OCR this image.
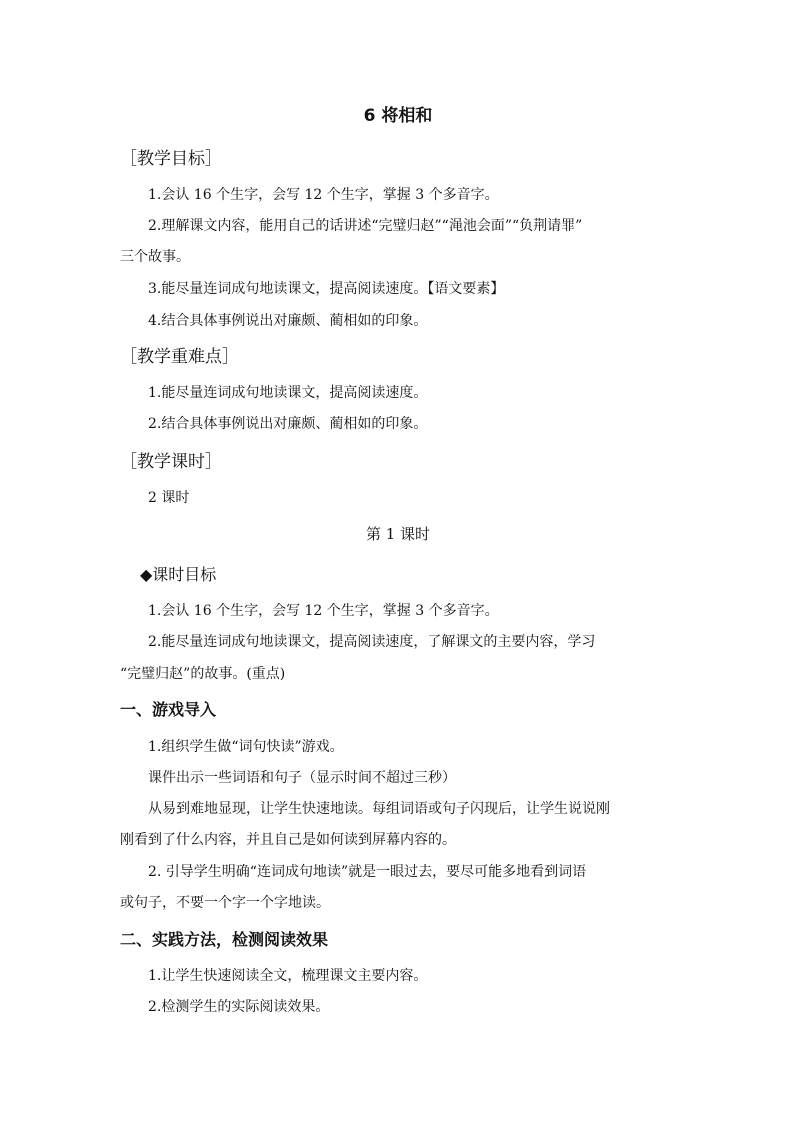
6 将相和
［教学目标］
1.会认 16 个生字，会写 12 个生字，掌握 3 个多音字。
2.理解课文内容，能用自己的话讲述“完璧归赵”“渑池会面”“负荆请罪”
三个故事。
3.能尽量连词成句地读课文，提高阅读速度。【语文要素】
4.结合具体事例说出对廉颇、蔺相如的印象。
［教学重难点］
1.能尽量连词成句地读课文，提高阅读速度。
2.结合具体事例说出对廉颇、蔺相如的印象。
［教学课时］
2 课时
第 1 课时
◆课时目标
1.会认 16 个生字，会写 12 个生字，掌握 3 个多音字。
2.能尽量连词成句地读课文，提高阅读速度，了解课文的主要内容，学习
“完璧归赵”的故事。(重点)
一、游戏导入
1.组织学生做“词句快读”游戏。
课件出示一些词语和句子（显示时间不超过三秒）
从易到难地显现，让学生快速地读。每组词语或句子闪现后，让学生说说刚
刚看到了什么内容，并且自己是如何读到屏幕内容的。
2. 引导学生明确“连词成句地读”就是一眼过去，要尽可能多地看到词语
或句子，不要一个字一个字地读。
二、实践方法，检测阅读效果
1.让学生快速阅读全文，梳理课文主要内容。
2.检测学生的实际阅读效果。
